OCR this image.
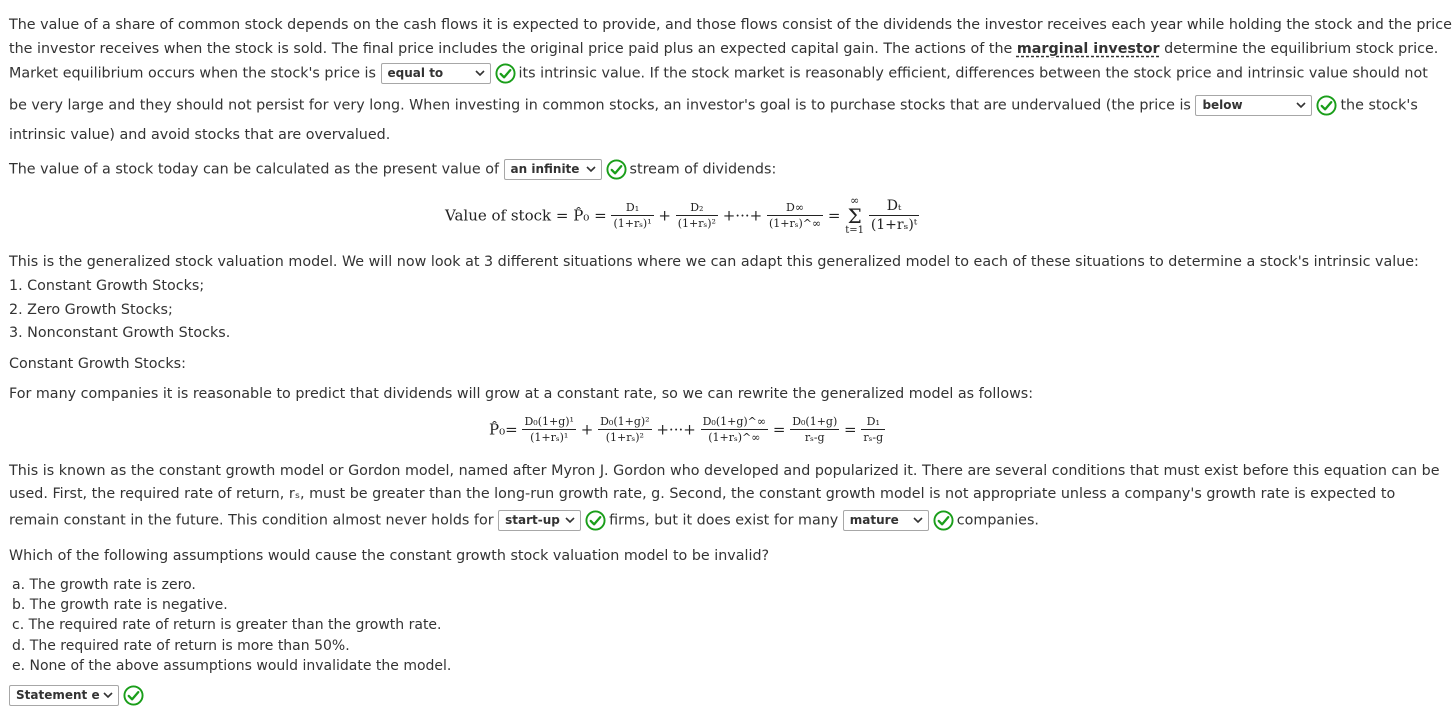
The value of a share of common stock depends on the cash flows it is expected to provide, and those flows consist of the dividends the investor receives each year while holding the stock and the price
the investor receives when the stock is sold. The final price includes the original price paid plus an expected capital gain. The actions of the marginal investor determine the equilibrium stock price.
Market equilibrium occurs when the stock's price is equal to	its intrinsic value. If the stock market is reasonably efficient, differences between the stock price and intrinsic value should not
be very large and they should not persist for very long. When investing in common stocks, an investor's goal is to purchase stocks that are undervalued (the price is below	the stock's
intrinsic value) and avoid stocks that are overvalued.
The value of a stock today can be calculated as the present value of an infinite	stream of dividends:
Value of stock = P̂₀ = $\frac{\text{D₁}}{\text{(1+rₛ)¹}} + \frac{\text{D₂}}{\text{(1+rₛ)²}}$ +···+ $\frac{D\infty}{\text{(1+rₛ)\textasciicircum{}∞}}$ =
∞
Σ
t=1
$\frac{\text{Dₜ}}{\text{(1+rₛ)ᵗ}}$
This is the generalized stock valuation model. We will now look at 3 different situations where we can adapt this generalized model to each of these situations to determine a stock's intrinsic value:
1. Constant Growth Stocks;
2. Zero Growth Stocks;
3. Nonconstant Growth Stocks.
Constant Growth Stocks:
For many companies it is reasonable to predict that dividends will grow at a constant rate, so we can rewrite the generalized model as follows:
P̂₀= $\frac{\text{D₀(1+g)¹}}{\text{(1+rₛ)¹}} + \frac{\text{D₀(1+g)²}}{\text{(1+rₛ)²}}$ +···+ $\frac{\text{D₀(1+g)\textasciicircum{}∞}}{\text{(1+rₛ)\textasciicircum{}∞}} = \frac{\text{D₀(1+g)}}{\text{rₛ-g}} = \frac{\text{D₁}}{\text{rₛ-g}}$
This is known as the constant growth model or Gordon model, named after Myron J. Gordon who developed and popularized it. There are several conditions that must exist before this equation can be
used. First, the required rate of return, rₛ, must be greater than the long-run growth rate, g. Second, the constant growth model is not appropriate unless a company's growth rate is expected to
remain constant in the future. This condition almost never holds for start-up	firms, but it does exist for many mature	companies.
Which of the following assumptions would cause the constant growth stock valuation model to be invalid?
a. The growth rate is zero.
b. The growth rate is negative.
c. The required rate of return is greater than the growth rate.
d. The required rate of return is more than 50%.
e. None of the above assumptions would invalidate the model.
Statement e
